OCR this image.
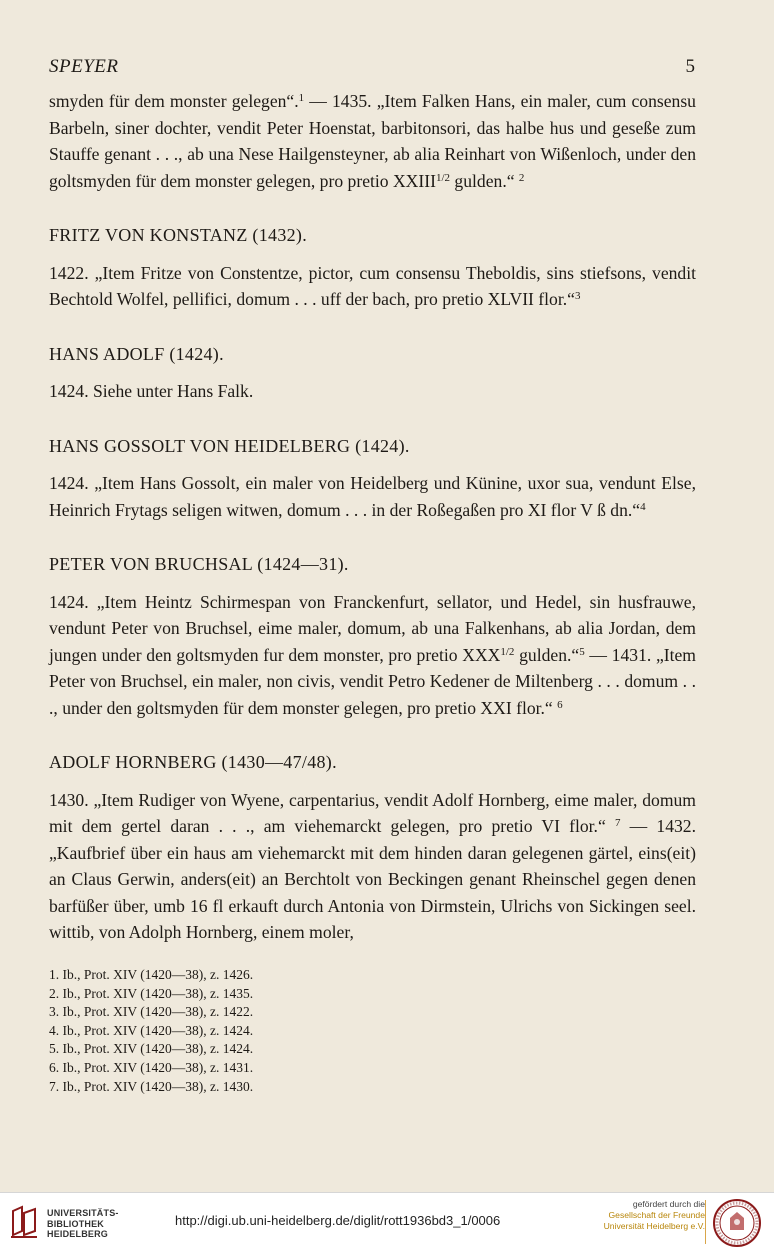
SPEYER	5

smyden für dem monster gelegen“.$^1$ — 1435. „Item Falken Hans, ein maler, cum consensu Barbeln, siner dochter, vendit Peter Hoenstat, barbitonsori, das halbe hus und geseße zum Stauffe genant . . ., ab una Nese Hailgensteyner, ab alia Reinhart von Wißenloch, under den goltsmyden für dem monster gelegen, pro pretio $XXIII^{1/2}$ gulden.“ $^2$

FRITZ VON KONSTANZ (1432).

1422. „Item Fritze von Constentze, pictor, cum consensu Theboldis, sins stiefsons, vendit Bechtold Wolfel, pellifici, domum . . . uff der bach, pro pretio XLVII flor.“$^3$

HANS ADOLF (1424).

1424. Siehe unter Hans Falk.

HANS GOSSOLT VON HEIDELBERG (1424).

1424. „Item Hans Gossolt, ein maler von Heidelberg und Künine, uxor sua, vendunt Else, Heinrich Frytags seligen witwen, domum . . . in der Roßegaßen pro XI flor V ß dn.“$^4$

PETER VON BRUCHSAL (1424—31).

1424. „Item Heintz Schirmespan von Franckenfurt, sellator, und Hedel, sin husfrauwe, vendunt Peter von Bruchsel, eime maler, domum, ab una Falkenhans, ab alia Jordan, dem jungen under den goltsmyden fur dem monster, pro pretio $XXX^{1/2}$ gulden.“$^5$ — 1431. „Item Peter von Bruchsel, ein maler, non civis, vendit Petro Kedener de Miltenberg . . . domum . . ., under den goltsmyden für dem monster gelegen, pro pretio XXI flor.“ $^6$

ADOLF HORNBERG (1430—47/48).

1430. „Item Rudiger von Wyene, carpentarius, vendit Adolf Hornberg, eime maler, domum mit dem gertel daran . . ., am viehemarckt gelegen, pro pretio VI flor.“ $^7$ — 1432. „Kaufbrief über ein haus am viehemarckt mit dem hinden daran gelegenen gärtel, eins(eit) an Claus Gerwin, anders(eit) an Berchtolt von Beckingen genant Rheinschel gegen denen barfüßer über, umb 16 fl erkauft durch Antonia von Dirmstein, Ulrichs von Sickingen seel. wittib, von Adolph Hornberg, einem moler,

1. Ib., Prot. XIV (1420—38), z. 1426.
2. Ib., Prot. XIV (1420—38), z. 1435.
3. Ib., Prot. XIV (1420—38), z. 1422.
4. Ib., Prot. XIV (1420—38), z. 1424.
5. Ib., Prot. XIV (1420—38), z. 1424.
6. Ib., Prot. XIV (1420—38), z. 1431.
7. Ib., Prot. XIV (1420—38), z. 1430.
UNIVERSITÄTS-
BIBLIOTHEK
HEIDELBERG
http://digi.ub.uni-heidelberg.de/diglit/rott1936bd3_1/0006
gefördert durch die
Gesellschaft der Freunde
Universität Heidelberg e.V.
